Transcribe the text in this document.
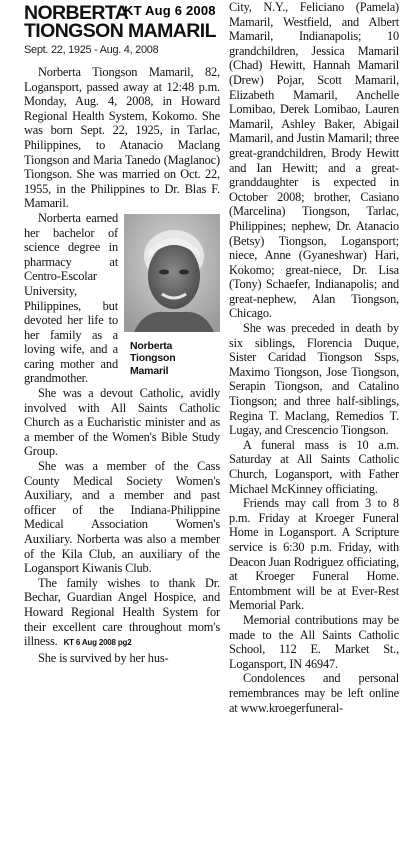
KT Aug 6 2008
NORBERTA
TIONGSON MAMARIL
Sept. 22, 1925 - Aug. 4, 2008

Norberta Tiongson Mamaril, 82, Logansport, passed away at 12:48 p.m. Monday, Aug. 4, 2008, in Howard Regional Health System, Kokomo. She was born Sept. 22, 1925, in Tarlac, Philippines, to Atanacio Maclang Tiongson and Maria Tanedo (Maglanoc) Tiongson. She was married on Oct. 22, 1955, in the Philippines to Dr. Blas F. Mamaril.

Norberta
Tiongson
Mamaril
Norberta earned her bachelor of science degree in pharmacy at Centro-Escolar University, Philippines, but devoted her life to her family as a loving wife, and a caring mother and grandmother.

She was a devout Catholic, avidly involved with All Saints Catholic Church as a Eucharistic minister and as a member of the Women's Bible Study Group.

She was a member of the Cass County Medical Society Women's Auxiliary, and a member and past officer of the Indiana-Philippine Medical Association Women's Auxiliary. Norberta was also a member of the Kila Club, an auxiliary of the Logansport Kiwanis Club.

The family wishes to thank Dr. Bechar, Guardian Angel Hospice, and Howard Regional Health System for their excellent care throughout mom's illness. KT 6 Aug 2008 pg2

She is survived by her hus-

City, N.Y., Feliciano (Pamela) Mamaril, Westfield, and Albert Mamaril, Indianapolis; 10 grandchildren, Jessica Mamaril (Chad) Hewitt, Hannah Mamaril (Drew) Pojar, Scott Mamaril, Elizabeth Mamaril, Anchelle Lomibao, Derek Lomibao, Lauren Mamaril, Ashley Baker, Abigail Mamaril, and Justin Mamaril; three great-grandchildren, Brody Hewitt and Ian Hewitt; and a great-granddaughter is expected in October 2008; brother, Casiano (Marcelina) Tiongson, Tarlac, Philippines; nephew, Dr. Atanacio (Betsy) Tiongson, Logansport; niece, Anne (Gyaneshwar) Hari, Kokomo; great-niece, Dr. Lisa (Tony) Schaefer, Indianapolis; and great-nephew, Alan Tiongson, Chicago.

She was preceded in death by six siblings, Florencia Duque, Sister Caridad Tiongson Ssps, Maximo Tiongson, Jose Tiongson, Serapin Tiongson, and Catalino Tiongson; and three half-siblings, Regina T. Maclang, Remedios T. Lugay, and Crescencio Tiongson.

A funeral mass is 10 a.m. Saturday at All Saints Catholic Church, Logansport, with Father Michael McKinney officiating.

Friends may call from 3 to 8 p.m. Friday at Kroeger Funeral Home in Logansport. A Scripture service is 6:30 p.m. Friday, with Deacon Juan Rodriguez officiating, at Kroeger Funeral Home. Entombment will be at Ever-Rest Memorial Park.

Memorial contributions may be made to the All Saints Catholic School, 112 E. Market St., Logansport, IN 46947.

Condolences and personal remembrances may be left online at www.kroegerfuneral-
